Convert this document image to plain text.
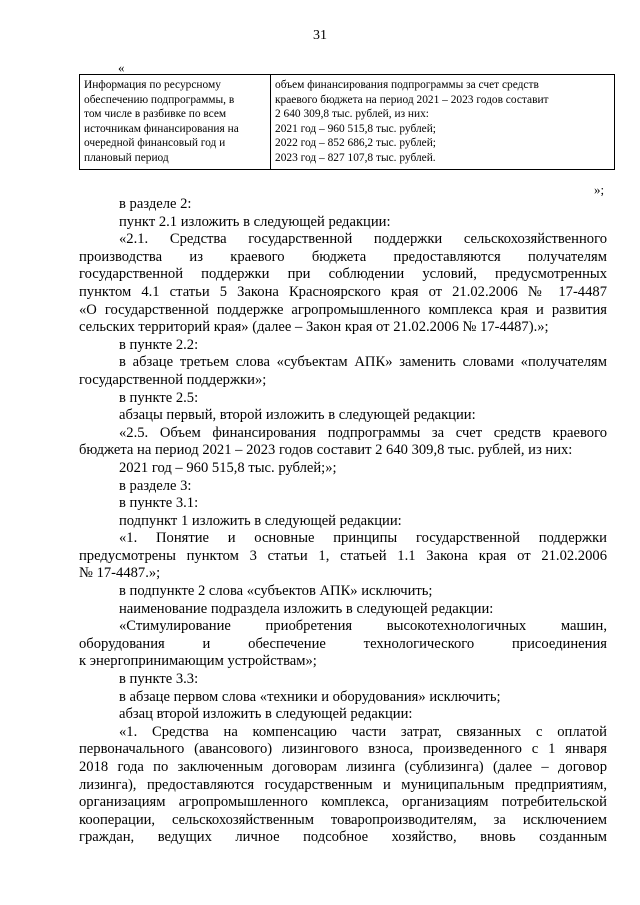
31
«
Информация по ресурсному
обеспечению подпрограммы, в
том числе в разбивке по всем
источникам финансирования на
очередной финансовый год и
плановый период

объем финансирования подпрограммы за счет средств
краевого бюджета на период 2021 – 2023 годов составит
2 640 309,8 тыс. рублей, из них:
2021 год – 960 515,8 тыс. рублей;
2022 год – 852 686,2 тыс. рублей;
2023 год – 827 107,8 тыс. рублей.
»;
в разделе 2:
пункт 2.1 изложить в следующей редакции:
«2.1. Средства государственной поддержки сельскохозяйственного
производства из краевого бюджета предоставляются получателям
государственной поддержки при соблюдении условий, предусмотренных
пунктом 4.1 статьи 5 Закона Красноярского края от 21.02.2006 № 17-4487
«О государственной поддержке агропромышленного комплекса края и развития
сельских территорий края» (далее – Закон края от 21.02.2006 № 17-4487).»;
в пункте 2.2:
в абзаце третьем слова «субъектам АПК» заменить словами «получателям
государственной поддержки»;
в пункте 2.5:
абзацы первый, второй изложить в следующей редакции:
«2.5. Объем финансирования подпрограммы за счет средств краевого
бюджета на период 2021 – 2023 годов составит 2 640 309,8 тыс. рублей, из них:
2021 год – 960 515,8 тыс. рублей;»;
в разделе 3:
в пункте 3.1:
подпункт 1 изложить в следующей редакции:
«1. Понятие и основные принципы государственной поддержки
предусмотрены пунктом 3 статьи 1, статьей 1.1 Закона края от 21.02.2006
№ 17-4487.»;
в подпункте 2 слова «субъектов АПК» исключить;
наименование подраздела изложить в следующей редакции:
«Стимулирование приобретения высокотехнологичных машин,
оборудования и обеспечение технологического присоединения
к энергопринимающим устройствам»;
в пункте 3.3:
в абзаце первом слова «техники и оборудования» исключить;
абзац второй изложить в следующей редакции:
«1. Средства на компенсацию части затрат, связанных с оплатой
первоначального (авансового) лизингового взноса, произведенного с 1 января
2018 года по заключенным договорам лизинга (сублизинга) (далее – договор
лизинга), предоставляются государственным и муниципальным предприятиям,
организациям агропромышленного комплекса, организациям потребительской
кооперации, сельскохозяйственным товаропроизводителям, за исключением
граждан, ведущих личное подсобное хозяйство, вновь созданным
